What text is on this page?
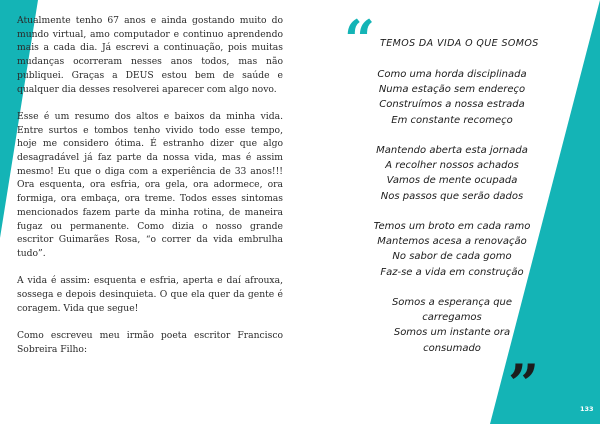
Atualmente tenho 67 anos e ainda gostando muito do mundo virtual, amo computador e continuo aprendendo mais a cada dia. Já escrevi a continuação, pois muitas mudanças ocorreram nesses anos todos, mas não publiquei. Graças a DEUS estou bem de saúde e qualquer dia desses resolverei aparecer com algo novo.

Esse é um resumo dos altos e baixos da minha vida. Entre surtos e tombos tenho vivido todo esse tempo, hoje me considero ótima. É estranho dizer que algo desagradável já faz parte da nossa vida, mas é assim mesmo! Eu que o diga com a experiência de 33 anos!!! Ora esquenta, ora esfria, ora gela, ora adormece, ora formiga, ora embaça, ora treme. Todos esses sintomas mencionados fazem parte da minha rotina, de maneira fugaz ou permanente. Como dizia o nosso grande escritor Guimarães Rosa, “o correr da vida embrulha tudo”.

A vida é assim: esquenta e esfria, aperta e daí afrouxa, sossega e depois desinquieta. O que ela quer da gente é coragem. Vida que segue!

Como escreveu meu irmão poeta escritor Francisco Sobreira Filho:

“ TEMOS DA VIDA O QUE SOMOS
Como uma horda disciplinada
Numa estação sem endereço
Construímos a nossa estrada
Em constante recomeço
Mantendo aberta esta jornada
A recolher nossos achados
Vamos de mente ocupada
Nos passos que serão dados
Temos um broto em cada ramo
Mantemos acesa a renovação
No sabor de cada gomo
Faz-se a vida em construção
Somos a esperança que
carregamos
Somos um instante ora
consumado
”	133
